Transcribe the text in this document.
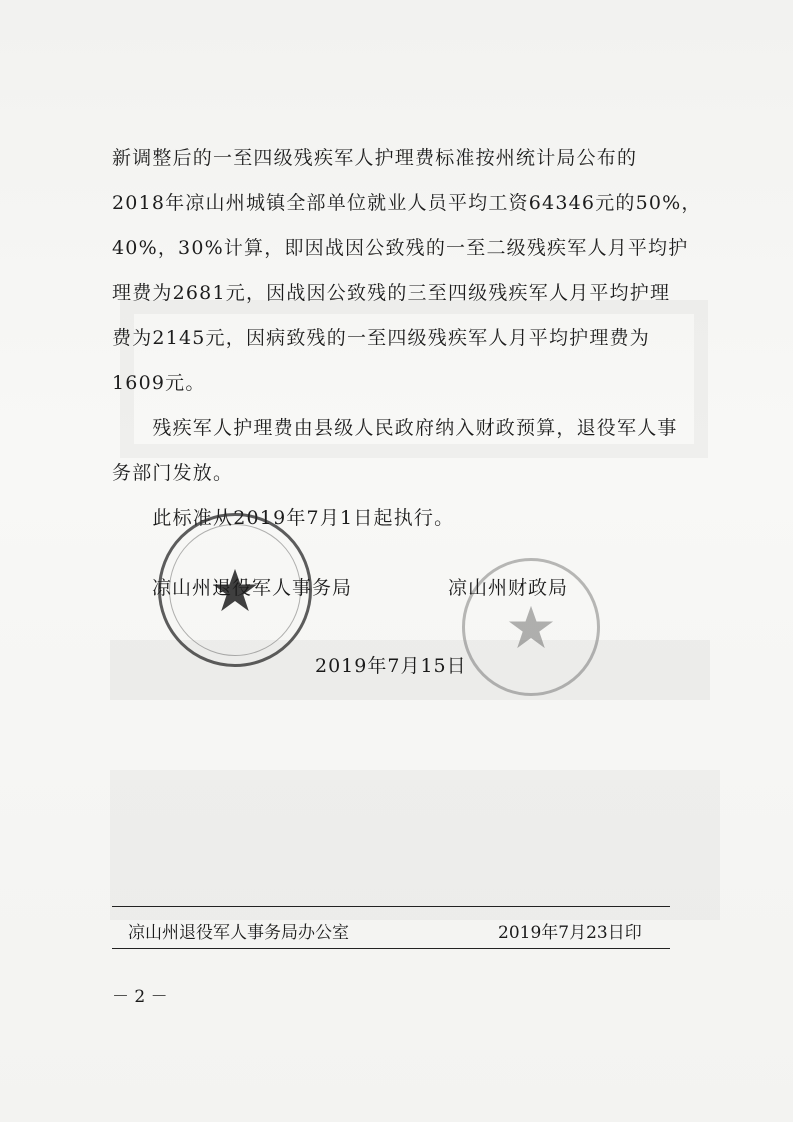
新调整后的一至四级残疾军人护理费标准按州统计局公布的
2018年凉山州城镇全部单位就业人员平均工资64346元的50%，
40%，30%计算，即因战因公致残的一至二级残疾军人月平均护
理费为2681元，因战因公致残的三至四级残疾军人月平均护理
费为2145元，因病致残的一至四级残疾军人月平均护理费为
1609元。
　　残疾军人护理费由县级人民政府纳入财政预算，退役军人事
务部门发放。
　　此标准从2019年7月1日起执行。
凉山州退役军人事务局	凉山州财政局
2019年7月15日
凉山州退役军人事务局办公室	2019年7月23日印
－ 2 －
